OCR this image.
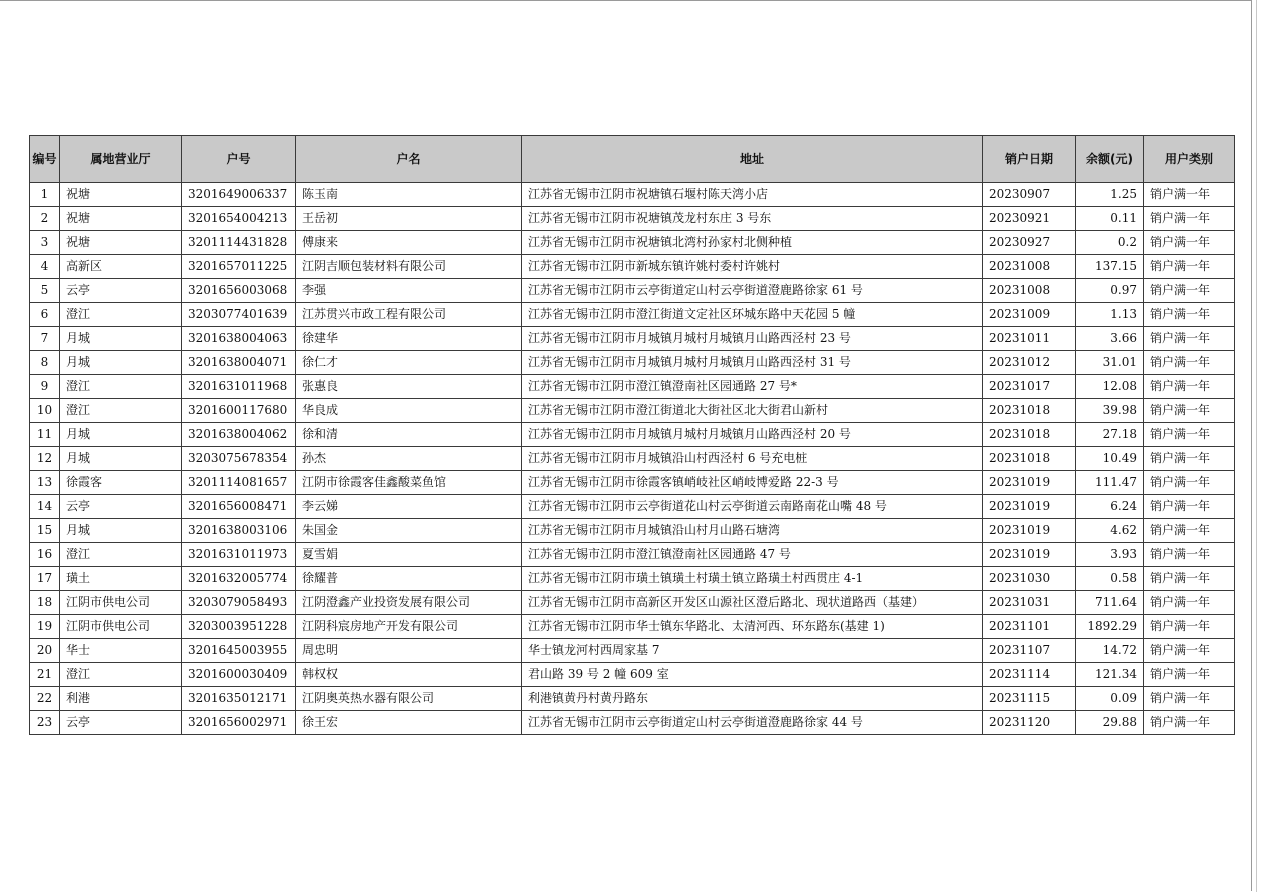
编号	属地营业厅	户号	户名	地址	销户日期	余额(元)	用户类别
1	祝塘	3201649006337	陈玉南	江苏省无锡市江阴市祝塘镇石堰村陈天湾小店	20230907	1.25	销户满一年
2	祝塘	3201654004213	王岳初	江苏省无锡市江阴市祝塘镇茂龙村东庄 3 号东	20230921	0.11	销户满一年
3	祝塘	3201114431828	傅康来	江苏省无锡市江阴市祝塘镇北湾村孙家村北侧种植	20230927	0.2	销户满一年
4	高新区	3201657011225	江阴吉顺包装材料有限公司	江苏省无锡市江阴市新城东镇许姚村委村许姚村	20231008	137.15	销户满一年
5	云亭	3201656003068	李强	江苏省无锡市江阴市云亭街道定山村云亭街道澄鹿路徐家 61 号	20231008	0.97	销户满一年
6	澄江	3203077401639	江苏贯兴市政工程有限公司	江苏省无锡市江阴市澄江街道文定社区环城东路中天花园 5 幢	20231009	1.13	销户满一年
7	月城	3201638004063	徐建华	江苏省无锡市江阴市月城镇月城村月城镇月山路西泾村 23 号	20231011	3.66	销户满一年
8	月城	3201638004071	徐仁才	江苏省无锡市江阴市月城镇月城村月城镇月山路西泾村 31 号	20231012	31.01	销户满一年
9	澄江	3201631011968	张惠良	江苏省无锡市江阴市澄江镇澄南社区园通路 27 号*	20231017	12.08	销户满一年
10	澄江	3201600117680	华良成	江苏省无锡市江阴市澄江街道北大街社区北大街君山新村	20231018	39.98	销户满一年
11	月城	3201638004062	徐和清	江苏省无锡市江阴市月城镇月城村月城镇月山路西泾村 20 号	20231018	27.18	销户满一年
12	月城	3203075678354	孙杰	江苏省无锡市江阴市月城镇沿山村西泾村 6 号充电桩	20231018	10.49	销户满一年
13	徐霞客	3201114081657	江阴市徐霞客佳鑫酸菜鱼馆	江苏省无锡市江阴市徐霞客镇峭岐社区峭岐博爱路 22-3 号	20231019	111.47	销户满一年
14	云亭	3201656008471	李云娣	江苏省无锡市江阴市云亭街道花山村云亭街道云南路南花山嘴 48 号	20231019	6.24	销户满一年
15	月城	3201638003106	朱国金	江苏省无锡市江阴市月城镇沿山村月山路石塘湾	20231019	4.62	销户满一年
16	澄江	3201631011973	夏雪娟	江苏省无锡市江阴市澄江镇澄南社区园通路 47 号	20231019	3.93	销户满一年
17	璜土	3201632005774	徐耀普	江苏省无锡市江阴市璜土镇璜土村璜土镇立路璜土村西贯庄 4-1	20231030	0.58	销户满一年
18	江阴市供电公司	3203079058493	江阴澄鑫产业投资发展有限公司	江苏省无锡市江阴市高新区开发区山源社区澄后路北、现状道路西（基建）	20231031	711.64	销户满一年
19	江阴市供电公司	3203003951228	江阴科宸房地产开发有限公司	江苏省无锡市江阴市华士镇东华路北、太清河西、环东路东(基建 1)	20231101	1892.29	销户满一年
20	华士	3201645003955	周忠明	华士镇龙河村西周家基 7	20231107	14.72	销户满一年
21	澄江	3201600030409	韩权权	君山路 39 号 2 幢 609 室	20231114	121.34	销户满一年
22	利港	3201635012171	江阴奥英热水器有限公司	利港镇黄丹村黄丹路东	20231115	0.09	销户满一年
23	云亭	3201656002971	徐王宏	江苏省无锡市江阴市云亭街道定山村云亭街道澄鹿路徐家 44 号	20231120	29.88	销户满一年
